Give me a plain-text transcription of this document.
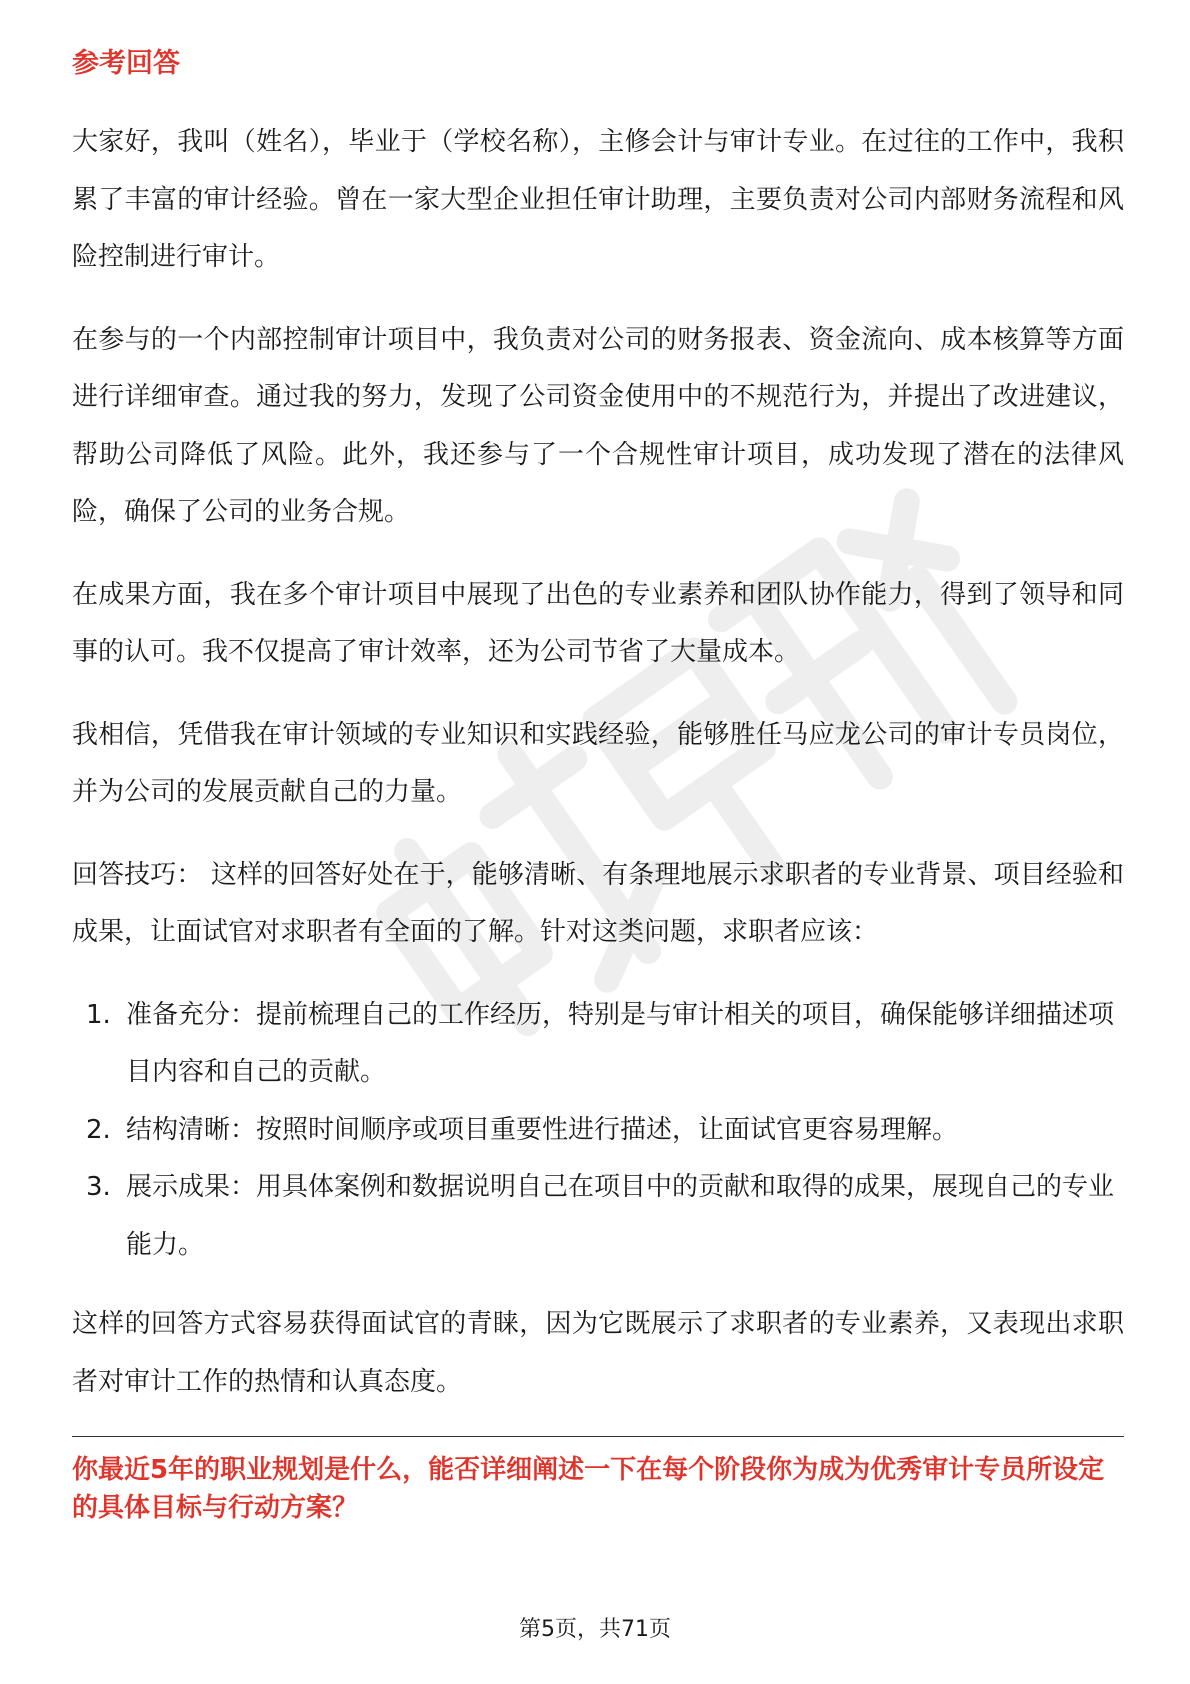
参考回答

大家好，我叫（姓名），毕业于（学校名称），主修会计与审计专业。在过往的工作中，我积累了丰富的审计经验。曾在一家大型企业担任审计助理，主要负责对公司内部财务流程和风险控制进行审计。

在参与的一个内部控制审计项目中，我负责对公司的财务报表、资金流向、成本核算等方面进行详细审查。通过我的努力，发现了公司资金使用中的不规范行为，并提出了改进建议，帮助公司降低了风险。此外，我还参与了一个合规性审计项目，成功发现了潜在的法律风险，确保了公司的业务合规。

在成果方面，我在多个审计项目中展现了出色的专业素养和团队协作能力，得到了领导和同事的认可。我不仅提高了审计效率，还为公司节省了大量成本。

我相信，凭借我在审计领域的专业知识和实践经验，能够胜任马应龙公司的审计专员岗位，并为公司的发展贡献自己的力量。

回答技巧： 这样的回答好处在于，能够清晰、有条理地展示求职者的专业背景、项目经验和成果，让面试官对求职者有全面的了解。针对这类问题，求职者应该：

1. 准备充分：提前梳理自己的工作经历，特别是与审计相关的项目，确保能够详细描述项目内容和自己的贡献。
2. 结构清晰：按照时间顺序或项目重要性进行描述，让面试官更容易理解。
3. 展示成果：用具体案例和数据说明自己在项目中的贡献和取得的成果，展现自己的专业能力。

这样的回答方式容易获得面试官的青睐，因为它既展示了求职者的专业素养，又表现出求职者对审计工作的热情和认真态度。

你最近5年的职业规划是什么，能否详细阐述一下在每个阶段你为成为优秀审计专员所设定的具体目标与行动方案？

第5页，共71页
